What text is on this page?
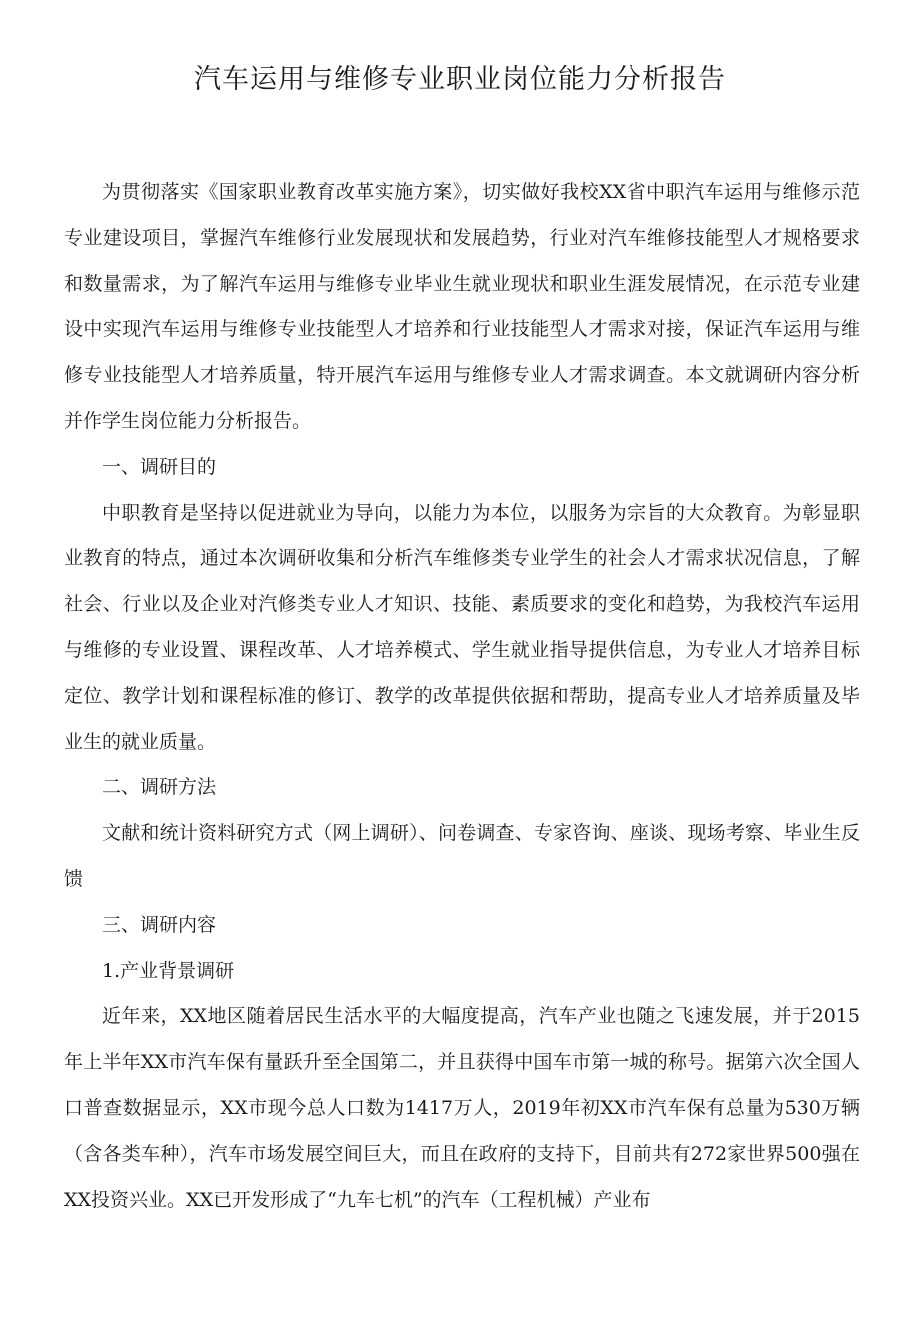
汽车运用与维修专业职业岗位能力分析报告

为贯彻落实《国家职业教育改革实施方案》，切实做好我校XX省中职汽车运用与维修示范专业建设项目，掌握汽车维修行业发展现状和发展趋势，行业对汽车维修技能型人才规格要求和数量需求，为了解汽车运用与维修专业毕业生就业现状和职业生涯发展情况，在示范专业建设中实现汽车运用与维修专业技能型人才培养和行业技能型人才需求对接，保证汽车运用与维修专业技能型人才培养质量，特开展汽车运用与维修专业人才需求调查。本文就调研内容分析并作学生岗位能力分析报告。

一、调研目的

中职教育是坚持以促进就业为导向，以能力为本位，以服务为宗旨的大众教育。为彰显职业教育的特点，通过本次调研收集和分析汽车维修类专业学生的社会人才需求状况信息，了解社会、行业以及企业对汽修类专业人才知识、技能、素质要求的变化和趋势，为我校汽车运用与维修的专业设置、课程改革、人才培养模式、学生就业指导提供信息，为专业人才培养目标定位、教学计划和课程标准的修订、教学的改革提供依据和帮助，提高专业人才培养质量及毕业生的就业质量。

二、调研方法

文献和统计资料研究方式（网上调研）、问卷调查、专家咨询、座谈、现场考察、毕业生反馈

三、调研内容

1.产业背景调研

近年来，XX地区随着居民生活水平的大幅度提高，汽车产业也随之飞速发展，并于2015年上半年XX市汽车保有量跃升至全国第二，并且获得中国车市第一城的称号。据第六次全国人口普查数据显示，XX市现今总人口数为1417万人，2019年初XX市汽车保有总量为530万辆（含各类车种），汽车市场发展空间巨大，而且在政府的支持下，目前共有272家世界500强在XX投资兴业。XX已开发形成了“九车七机”的汽车（工程机械）产业布
